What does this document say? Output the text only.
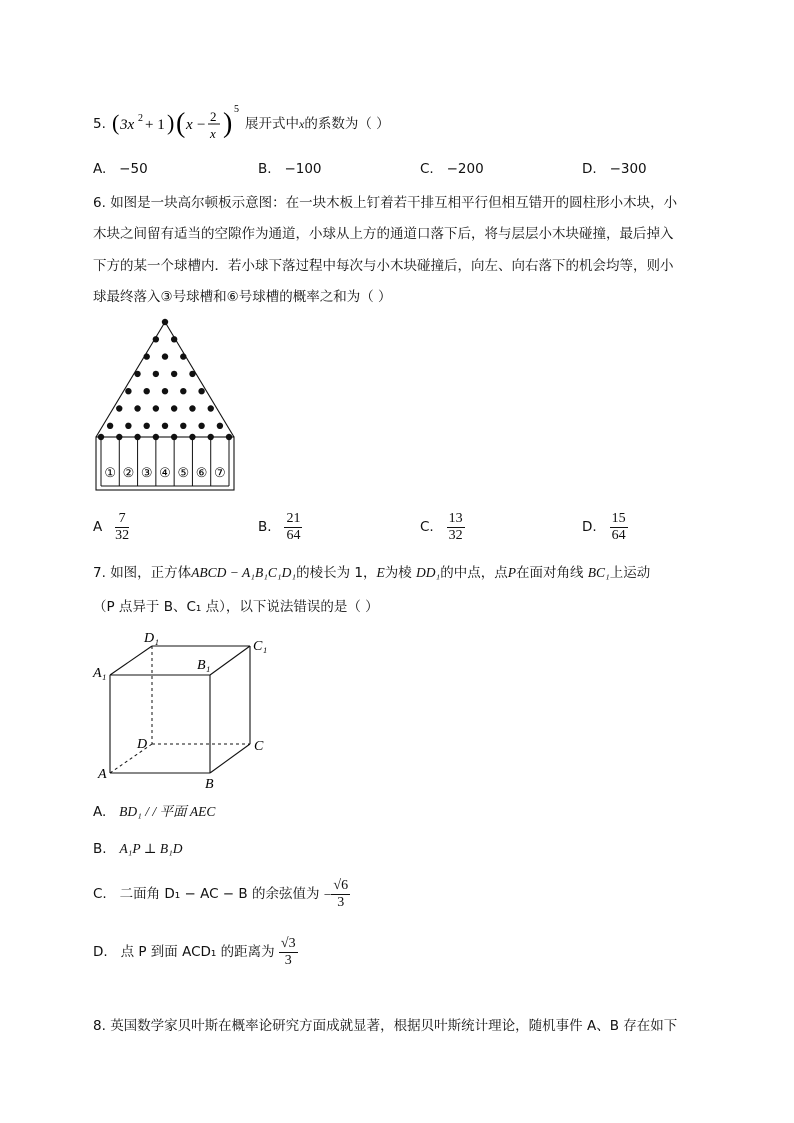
5. ( 3x 2 + 1 ) ( x −
2
x ) 5
展开式中x的系数为（ ）
A. −50	B. −100	C. −200	D. −300
6. 如图是一块高尔顿板示意图：在一块木板上钉着若干排互相平行但相互错开的圆柱形小木块，小
木块之间留有适当的空隙作为通道，小球从上方的通道口落下后，将与层层小木块碰撞，最后掉入
下方的某一个球槽内．若小球下落过程中每次与小木块碰撞后，向左、向右落下的机会均等，则小
球最终落入③号球槽和⑥号球槽的概率之和为（ ）
① ② ③ ④ ⑤ ⑥ ⑦
A $\frac{7}{32}$	B. $\frac{21}{64}$	C. $\frac{13}{32}$	D. $\frac{15}{64}$
7. 如图，正方体ABCD − A₁B₁C₁D₁的棱长为 1，E为棱 DD₁的中点，点P在面对角线 BC₁上运动
（P 点异于 B、C₁ 点），以下说法错误的是（ ）
D₁
C₁
A₁
B₁
D	C
A
B
A. BD₁ / / 平面 AEC
B. A₁P ⊥ B₁D
C. 二面角 D₁ − AC − B 的余弦值为 − $\frac{√6}{3}$
D. 点 P 到面 ACD₁ 的距离为 $\frac{√3}{3}$
8. 英国数学家贝叶斯在概率论研究方面成就显著，根据贝叶斯统计理论，随机事件 A、B 存在如下
